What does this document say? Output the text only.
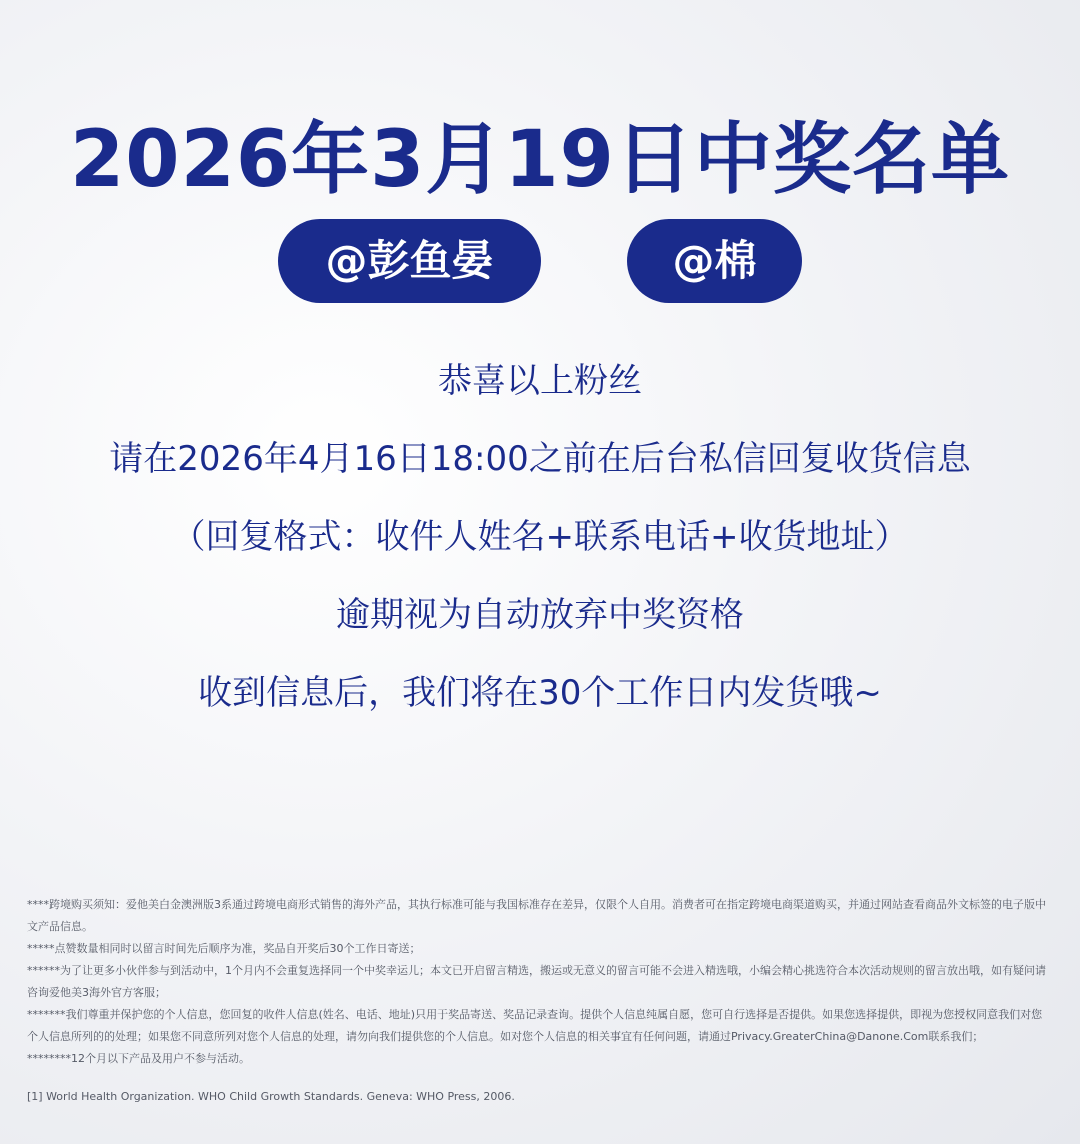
2026年3月19日中奖名单
@彭鱼晏	@棉
恭喜以上粉丝
请在2026年4月16日18:00之前在后台私信回复收货信息
（回复格式：收件人姓名+联系电话+收货地址）
逾期视为自动放弃中奖资格
收到信息后，我们将在30个工作日内发货哦~

****跨境购买须知：爱他美白金澳洲版3系通过跨境电商形式销售的海外产品，其执行标准可能与我国标准存在差异，仅限个人自用。消费者可在指定跨境电商渠道购买，并通过网站查看商品外文标签的电子版中文产品信息。

*****点赞数量相同时以留言时间先后顺序为准，奖品自开奖后30个工作日寄送；

******为了让更多小伙伴参与到活动中，1个月内不会重复选择同一个中奖幸运儿；本文已开启留言精选，搬运或无意义的留言可能不会进入精选哦，小编会精心挑选符合本次活动规则的留言放出哦，如有疑问请咨询爱他美3海外官方客服；

*******我们尊重并保护您的个人信息，您回复的收件人信息(姓名、电话、地址)只用于奖品寄送、奖品记录查询。提供个人信息纯属自愿，您可自行选择是否提供。如果您选择提供，即视为您授权同意我们对您个人信息所列的的处理；如果您不同意所列对您个人信息的处理，请勿向我们提供您的个人信息。如对您个人信息的相关事宜有任何问题，请通过Privacy.GreaterChina@Danone.Com联系我们；

********12个月以下产品及用户不参与活动。

[1] World Health Organization. WHO Child Growth Standards. Geneva: WHO Press, 2006.
